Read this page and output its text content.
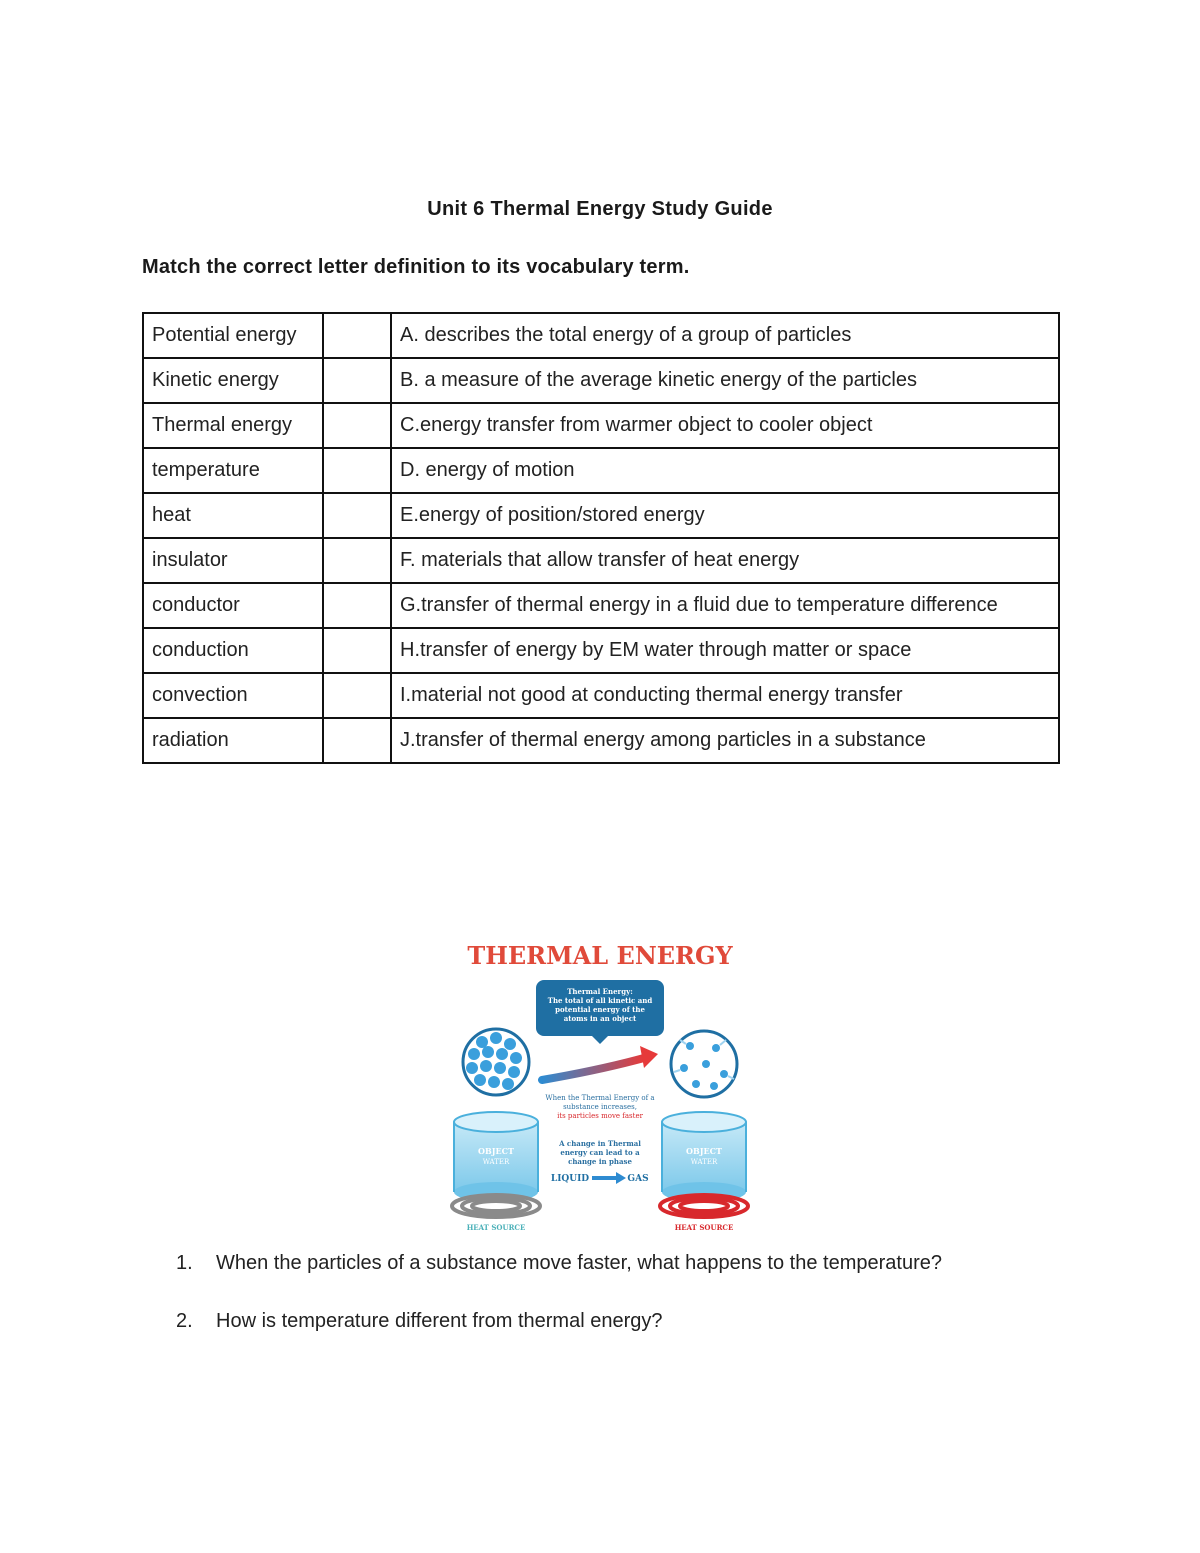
Unit 6 Thermal Energy Study Guide
Match the correct letter definition to its vocabulary term.
Potential energy		A. describes the total energy of a group of particles
Kinetic energy		B. a measure of the average kinetic energy of the particles
Thermal energy		C.energy transfer from warmer object to cooler object
temperature		D. energy of motion
heat		E.energy of position/stored energy
insulator		F. materials that allow transfer of heat energy
conductor		G.transfer of thermal energy in a fluid due to temperature difference
conduction		H.transfer of energy by EM water through matter or space
convection		I.material not good at conducting thermal energy transfer
radiation		J.transfer of thermal energy among particles in a substance
THERMAL ENERGY
Thermal Energy:
The total of all kinetic and
potential energy of the
atoms in an object
When the Thermal Energy of a
substance increases,
its particles move faster
OBJECT
WATER
OBJECT
WATER
A change in Thermal
energy can lead to a
change in phase
LIQUID	GAS
HEAT SOURCE	HEAT SOURCE
1.	When the particles of a substance move faster, what happens to the temperature?
2.	How is temperature different from thermal energy?
